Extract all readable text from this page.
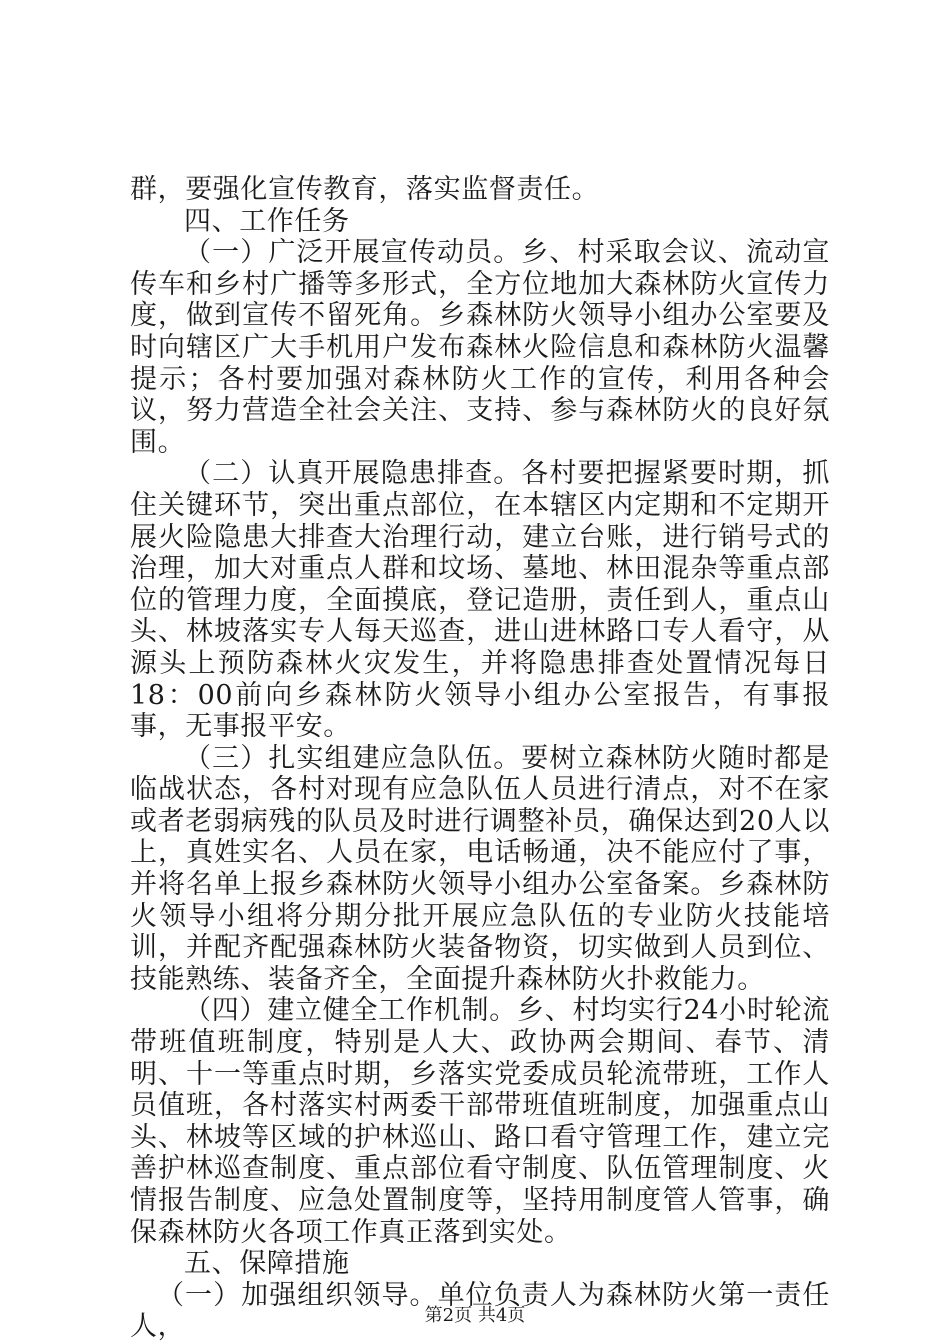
群，要强化宣传教育，落实监督责任。

四、工作任务

（一）广泛开展宣传动员。乡、村采取会议、流动宣传车和乡村广播等多形式，全方位地加大森林防火宣传力度，做到宣传不留死角。乡森林防火领导小组办公室要及时向辖区广大手机用户发布森林火险信息和森林防火温馨提示；各村要加强对森林防火工作的宣传，利用各种会议，努力营造全社会关注、支持、参与森林防火的良好氛围。

（二）认真开展隐患排查。各村要把握紧要时期，抓住关键环节，突出重点部位，在本辖区内定期和不定期开展火险隐患大排查大治理行动，建立台账，进行销号式的治理，加大对重点人群和坟场、墓地、林田混杂等重点部位的管理力度，全面摸底，登记造册，责任到人，重点山头、林坡落实专人每天巡查，进山进林路口专人看守，从源头上预防森林火灾发生，并将隐患排查处置情况每日18：00前向乡森林防火领导小组办公室报告，有事报事，无事报平安。

（三）扎实组建应急队伍。要树立森林防火随时都是临战状态，各村对现有应急队伍人员进行清点，对不在家或者老弱病残的队员及时进行调整补员，确保达到20人以上，真姓实名、人员在家，电话畅通，决不能应付了事，并将名单上报乡森林防火领导小组办公室备案。乡森林防火领导小组将分期分批开展应急队伍的专业防火技能培训，并配齐配强森林防火装备物资，切实做到人员到位、技能熟练、装备齐全，全面提升森林防火扑救能力。

（四）建立健全工作机制。乡、村均实行24小时轮流带班值班制度，特别是人大、政协两会期间、春节、清明、十一等重点时期，乡落实党委成员轮流带班，工作人员值班，各村落实村两委干部带班值班制度，加强重点山头、林坡等区域的护林巡山、路口看守管理工作，建立完善护林巡查制度、重点部位看守制度、队伍管理制度、火情报告制度、应急处置制度等，坚持用制度管人管事，确保森林防火各项工作真正落到实处。

五、保障措施

（一）加强组织领导。单位负责人为森林防火第一责任人，	第2页 共4页
